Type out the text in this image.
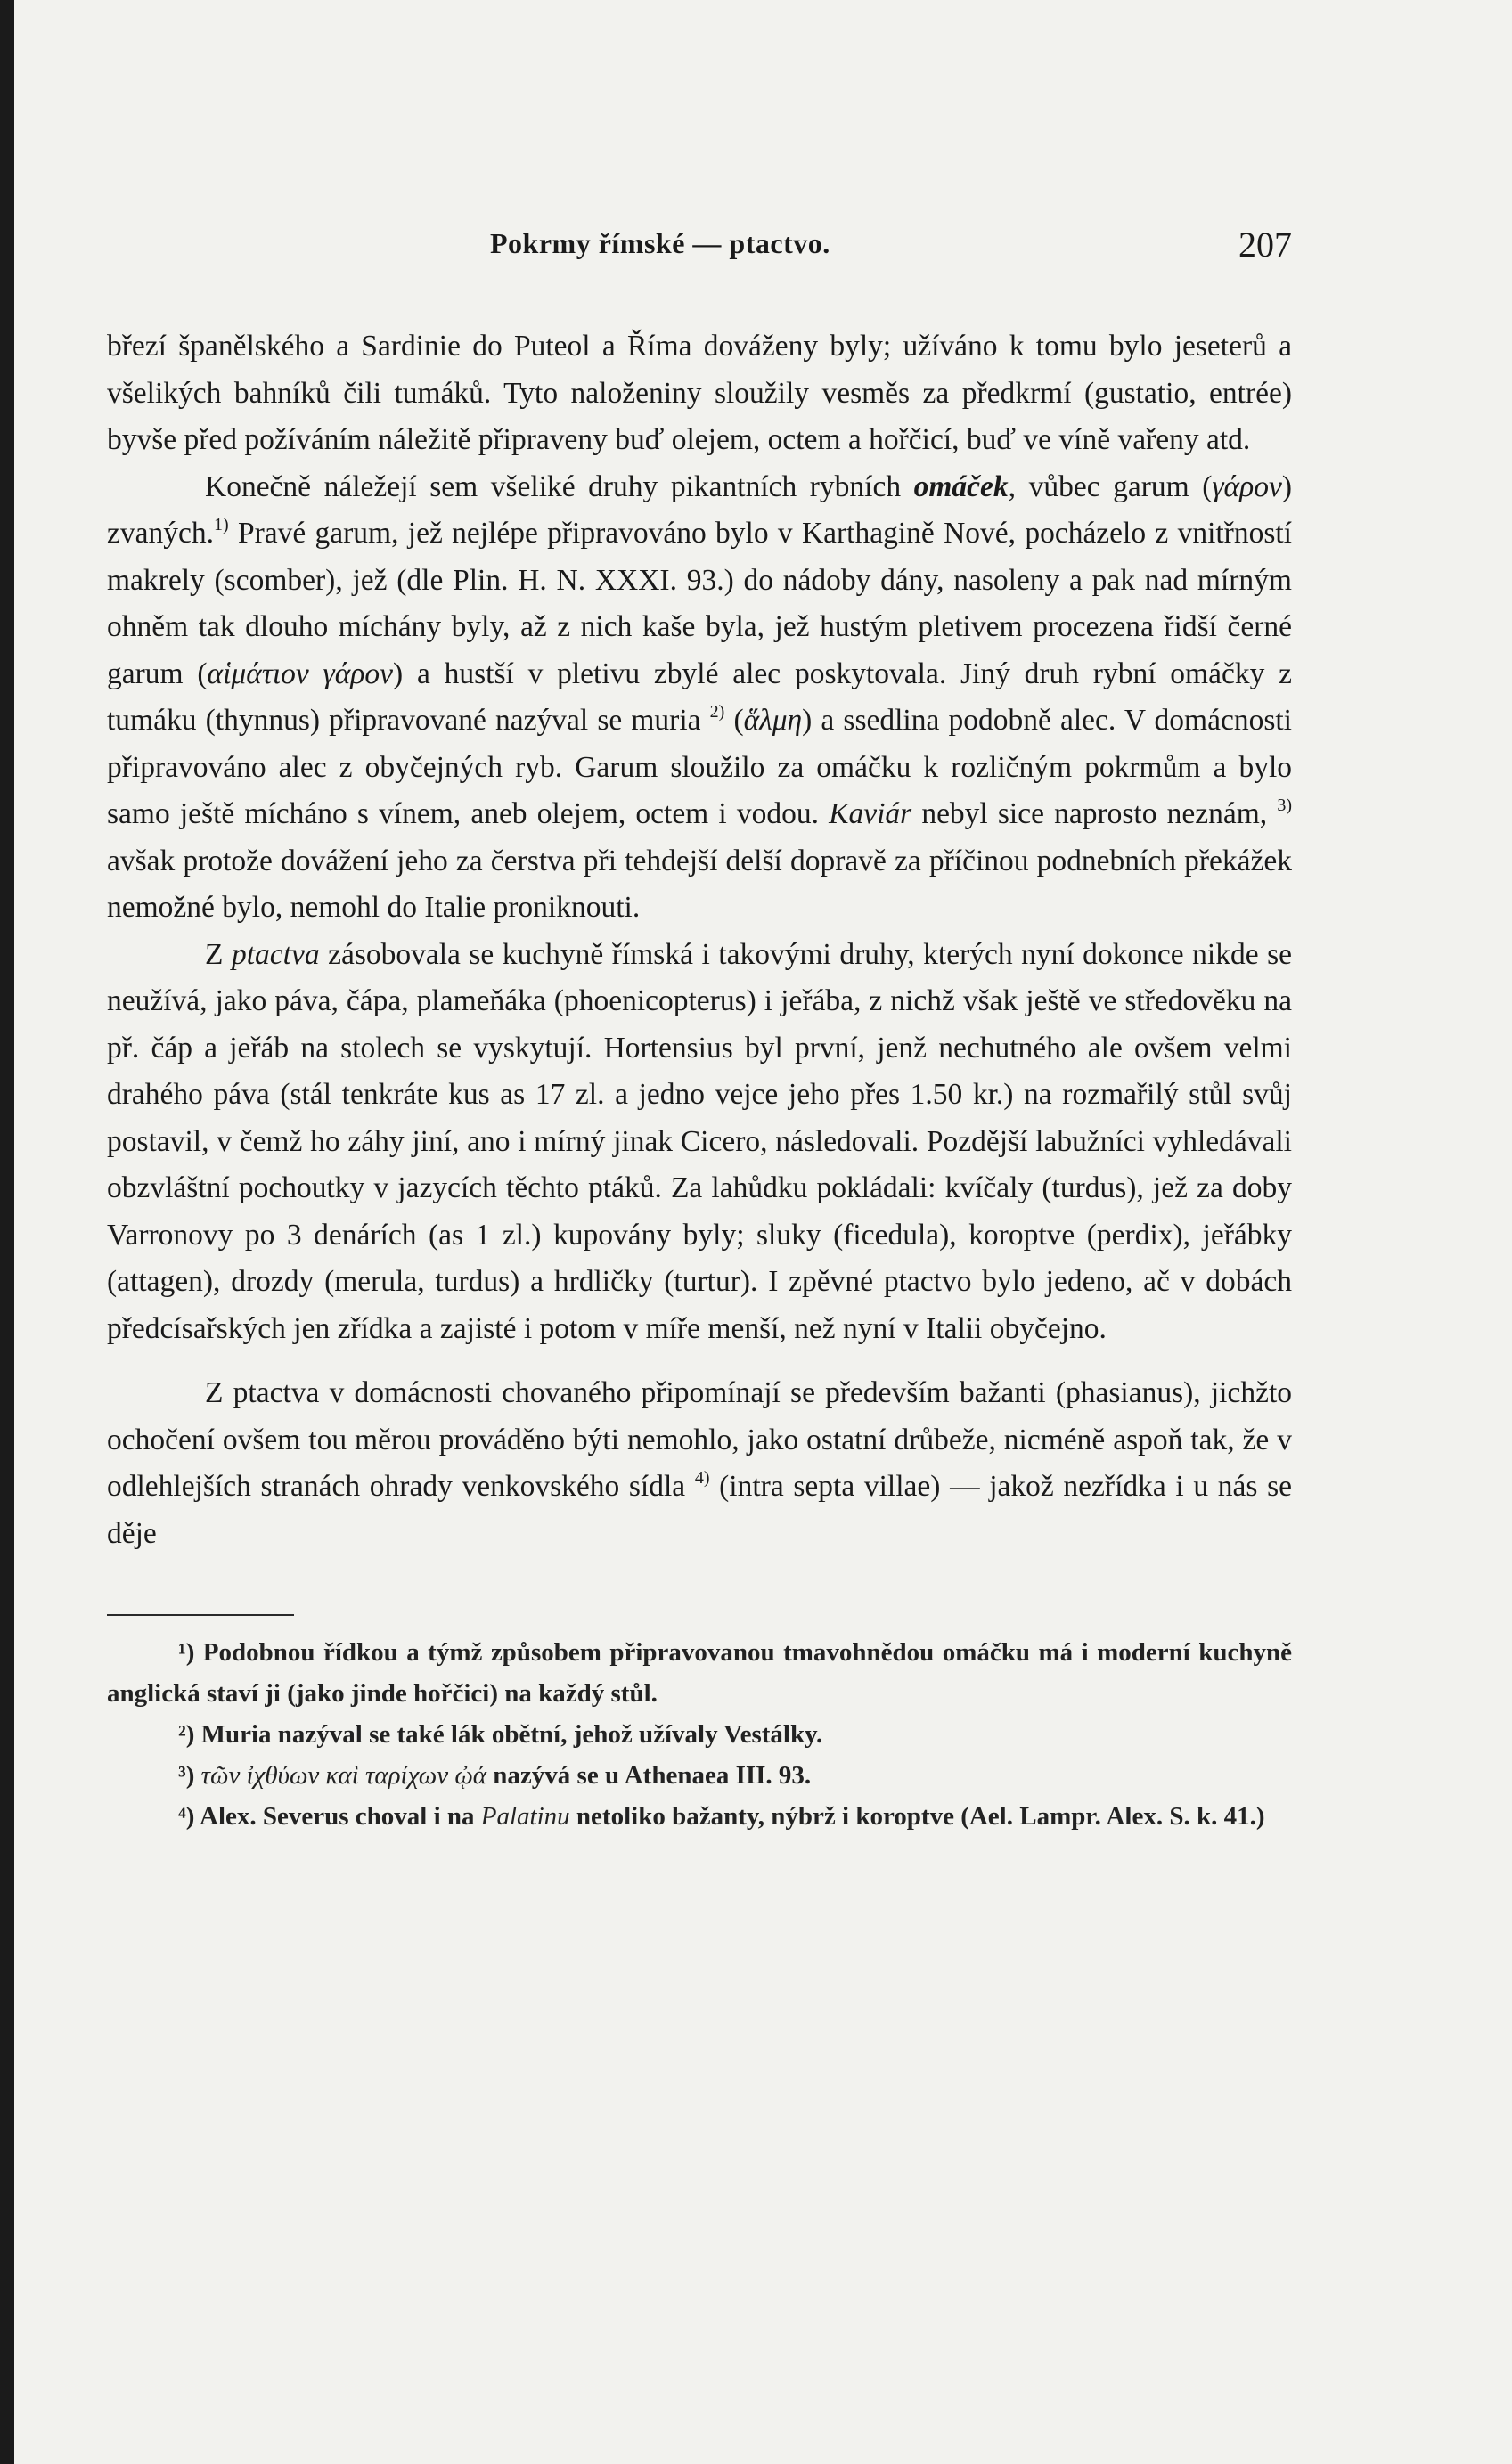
Pokrmy římské — ptactvo.	207

březí španělského a Sardinie do Puteol a Říma dováženy byly; užíváno k tomu bylo jeseterů a všelikých bahníků čili tumáků. Tyto naloženiny sloužily vesměs za předkrmí (gustatio, entrée) byvše před požíváním náležitě připraveny buď olejem, octem a hořčicí, buď ve víně vařeny atd.

Konečně náležejí sem všeliké druhy pikantních rybních omáček, vůbec garum (γάρον) zvaných.$^{1)}$ Pravé garum, jež nejlépe připravováno bylo v Karthagině Nové, pocházelo z vnitřností makrely (scomber), jež (dle Plin. H. N. XXXI. 93.) do nádoby dány, nasoleny a pak nad mírným ohněm tak dlouho míchány byly, až z nich kaše byla, jež hustým pletivem procezena řidší černé garum (αἱμάτιον γάρον) a hustší v pletivu zbylé alec poskytovala. Jiný druh rybní omáčky z tumáku (thynnus) připravované nazýval se muria $^{2)}$ (ἅλμη) a ssedlina podobně alec. V domácnosti připravováno alec z obyčejných ryb. Garum sloužilo za omáčku k rozličným pokrmům a bylo samo ještě mícháno s vínem, aneb olejem, octem i vodou. Kaviár nebyl sice naprosto neznám, $^{3)}$ avšak protože dovážení jeho za čerstva při tehdejší delší dopravě za příčinou podnebních překážek nemožné bylo, nemohl do Italie proniknouti.

Z ptactva zásobovala se kuchyně římská i takovými druhy, kterých nyní dokonce nikde se neužívá, jako páva, čápa, plameňáka (phoenicopterus) i jeřába, z nichž však ještě ve středověku na př. čáp a jeřáb na stolech se vyskytují. Hortensius byl první, jenž nechutného ale ovšem velmi drahého páva (stál tenkráte kus as 17 zl. a jedno vejce jeho přes 1.50 kr.) na rozmařilý stůl svůj postavil, v čemž ho záhy jiní, ano i mírný jinak Cicero, následovali. Pozdější labužníci vyhledávali obzvláštní pochoutky v jazycích těchto ptáků. Za lahůdku pokládali: kvíčaly (turdus), jež za doby Varronovy po 3 denárích (as 1 zl.) kupovány byly; sluky (ficedula), koroptve (perdix), jeřábky (attagen), drozdy (merula, turdus) a hrdličky (turtur). I zpěvné ptactvo bylo jedeno, ač v dobách předcísařských jen zřídka a zajisté i potom v míře menší, než nyní v Italii obyčejno.

Z ptactva v domácnosti chovaného připomínají se především bažanti (phasianus), jichžto ochočení ovšem tou měrou prováděno býti nemohlo, jako ostatní drůbeže, nicméně aspoň tak, že v odlehlejších stranách ohrady venkovského sídla $^{4)}$ (intra septa villae) — jakož nezřídka i u nás se děje

¹) Podobnou řídkou a týmž způsobem připravovanou tmavohnědou omáčku má i moderní kuchyně anglická staví ji (jako jinde hořčici) na každý stůl.

²) Muria nazýval se také lák obětní, jehož užívaly Vestálky.

³) τῶν ἰχθύων καὶ ταρίχων ᾠά nazývá se u Athenaea III. 93.

⁴) Alex. Severus choval i na Palatinu netoliko bažanty, nýbrž i koroptve (Ael. Lampr. Alex. S. k. 41.)
